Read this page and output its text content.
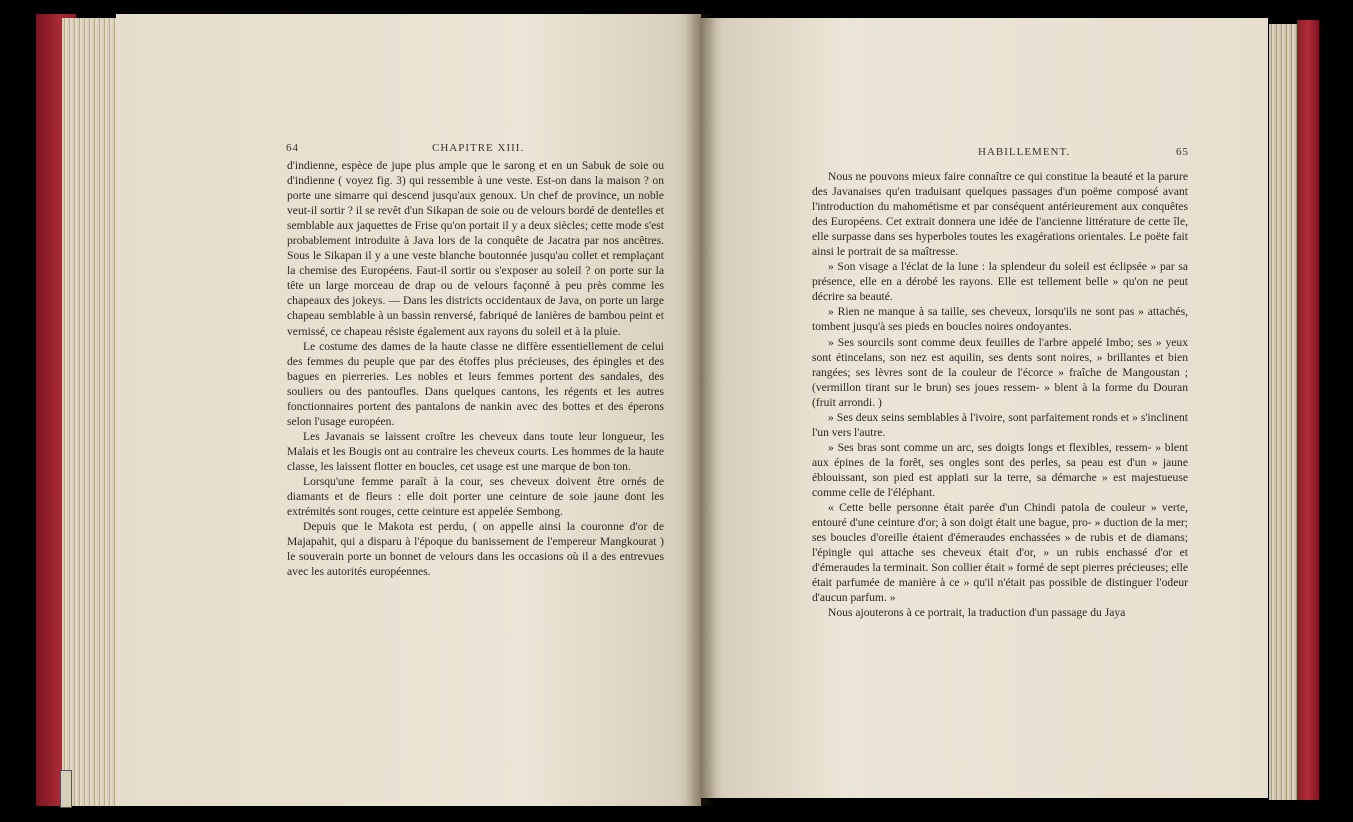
64	CHAPITRE XIII.

d'indienne, espèce de jupe plus ample que le sarong et en un Sabuk de soie ou d'indienne ( voyez fig. 3) qui ressemble à une veste. Est-on dans la maison ? on porte une simarre qui descend jusqu'aux genoux. Un chef de province, un noble veut-il sortir ? il se revêt d'un Sikapan de soie ou de velours bordé de dentelles et semblable aux jaquettes de Frise qu'on portait il y a deux siècles; cette mode s'est probablement introduite à Java lors de la conquête de Jacatra par nos ancêtres. Sous le Sikapan il y a une veste blanche boutonnée jusqu'au collet et remplaçant la chemise des Européens. Faut-il sortir ou s'exposer au soleil ? on porte sur la tête un large morceau de drap ou de velours façonné à peu près comme les chapeaux des jokeys. — Dans les districts occidentaux de Java, on porte un large chapeau semblable à un bassin renversé, fabriqué de lanières de bambou peint et vernissé, ce chapeau résiste également aux rayons du soleil et à la pluie.

Le costume des dames de la haute classe ne diffère essentiellement de celui des femmes du peuple que par des étoffes plus précieuses, des épingles et des bagues en pierreries. Les nobles et leurs femmes portent des sandales, des souliers ou des pantoufles. Dans quelques cantons, les régents et les autres fonctionnaires portent des pantalons de nankin avec des bottes et des éperons selon l'usage européen.

Les Javanais se laissent croître les cheveux dans toute leur longueur, les Malais et les Bougis ont au contraire les cheveux courts. Les hommes de la haute classe, les laissent flotter en boucles, cet usage est une marque de bon ton.

Lorsqu'une femme paraît à la cour, ses cheveux doivent être ornés de diamants et de fleurs : elle doit porter une ceinture de soie jaune dont les extrémités sont rouges, cette ceinture est appelée Sembong.

Depuis que le Makota est perdu, ( on appelle ainsi la couronne d'or de Majapahit, qui a disparu à l'époque du banissement de l'empereur Mangkourat ) le souverain porte un bonnet de velours dans les occasions où il a des entrevues avec les autorités européennes.

HABILLEMENT.	65

Nous ne pouvons mieux faire connaître ce qui constitue la beauté et la parure des Javanaises qu'en traduisant quelques passages d'un poëme composé avant l'introduction du mahométisme et par conséquent antérieurement aux conquêtes des Européens. Cet extrait donnera une idée de l'ancienne littérature de cette île, elle surpasse dans ses hyperboles toutes les exagérations orientales. Le poëte fait ainsi le portrait de sa maîtresse.

» Son visage a l'éclat de la lune : la splendeur du soleil est éclipsée » par sa présence, elle en a dérobé les rayons. Elle est tellement belle » qu'on ne peut décrire sa beauté.

» Rien ne manque à sa taille, ses cheveux, lorsqu'ils ne sont pas » attachés, tombent jusqu'à ses pieds en boucles noires ondoyantes.

» Ses sourcils sont comme deux feuilles de l'arbre appelé Imbo; ses » yeux sont étincelans, son nez est aquilin, ses dents sont noires, » brillantes et bien rangées; ses lèvres sont de la couleur de l'écorce » fraîche de Mangoustan ; (vermillon tirant sur le brun) ses joues ressem- » blent à la forme du Douran (fruit arrondi. )

» Ses deux seins semblables à l'ivoire, sont parfaitement ronds et » s'inclinent l'un vers l'autre.

» Ses bras sont comme un arc, ses doigts longs et flexibles, ressem- » blent aux épines de la forêt, ses ongles sont des perles, sa peau est d'un » jaune éblouissant, son pied est applati sur la terre, sa démarche » est majestueuse comme celle de l'éléphant.

« Cette belle personne était parée d'un Chindi patola de couleur » verte, entouré d'une ceinture d'or; à son doigt était une bague, pro- » duction de la mer; ses boucles d'oreille étaient d'émeraudes enchassées » de rubis et de diamans; l'épingle qui attache ses cheveux était d'or, » un rubis enchassé d'or et d'émeraudes la terminait. Son collier était » formé de sept pierres précieuses; elle était parfumée de manière à ce » qu'il n'était pas possible de distinguer l'odeur d'aucun parfum. »

Nous ajouterons à ce portrait, la traduction d'un passage du Jaya
